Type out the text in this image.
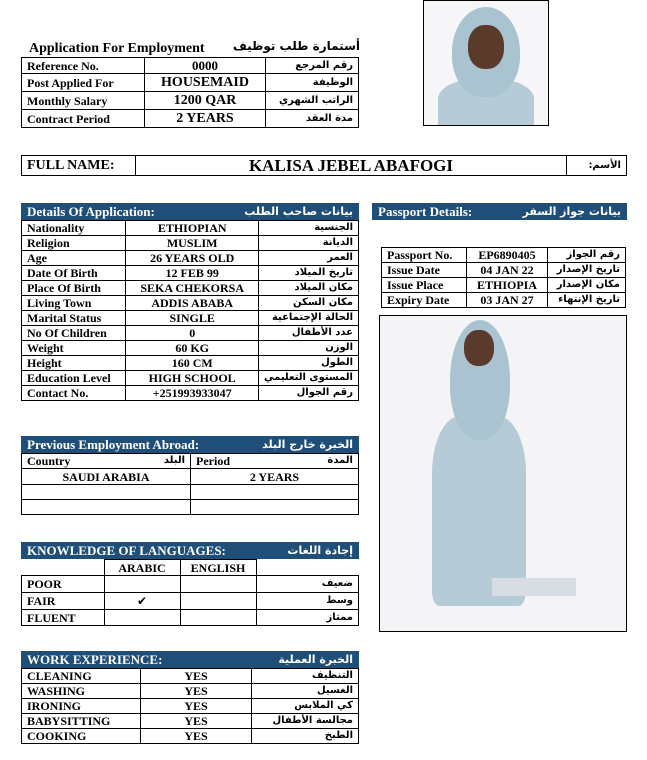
Application For Employment	أستمارة طلب توظيف
Reference No.	0000	رقم المرجع
Post Applied For	HOUSEMAID	الوظيفة
Monthly Salary	1200 QAR	الراتب الشهري
Contract Period	2 YEARS	مدة العقد
FULL NAME:	KALISA JEBEL ABAFOGI	الأسم:
Details Of Application:	بيانات صاحب الطلب
Nationality	ETHIOPIAN	الجنسية
Religion	MUSLIM	الديانة
Age	26 YEARS OLD	العمر
Date Of Birth	12 FEB 99	تاريخ الميلاد
Place Of Birth	SEKA CHEKORSA	مكان الميلاد
Living Town	ADDIS ABABA	مكان السكن
Marital Status	SINGLE	الحالة الإجتماعية
No Of Children	0	عدد الأطفال
Weight	60 KG	الوزن
Height	160 CM	الطول
Education Level	HIGH SCHOOL	المستوى التعليمي
Contact No.	+251993933047	رقم الجوال
Passport Details:	بيانات جواز السفر
Passport No.	EP6890405	رقم الجواز
Issue Date	04 JAN 22	تاريخ الإصدار
Issue Place	ETHIOPIA	مكان الإصدار
Expiry Date	03 JAN 27	تاريخ الإنتهاء
Previous Employment Abroad:	الخبرة خارج البلد
Country البلد	Period المدة

SAUDI ARABIA	2 YEARS

KNOWLEDGE OF LANGUAGES:	إجادة اللغات
	ARABIC	ENGLISH	
POOR			ضعيف
FAIR	✔		وسط
FLUENT			ممتاز
WORK EXPERIENCE:	الخبرة العملية
CLEANING	YES	التنظيف
WASHING	YES	الغسيل
IRONING	YES	كي الملابس
BABYSITTING	YES	مجالسة الأطفال
COOKING	YES	الطبخ
